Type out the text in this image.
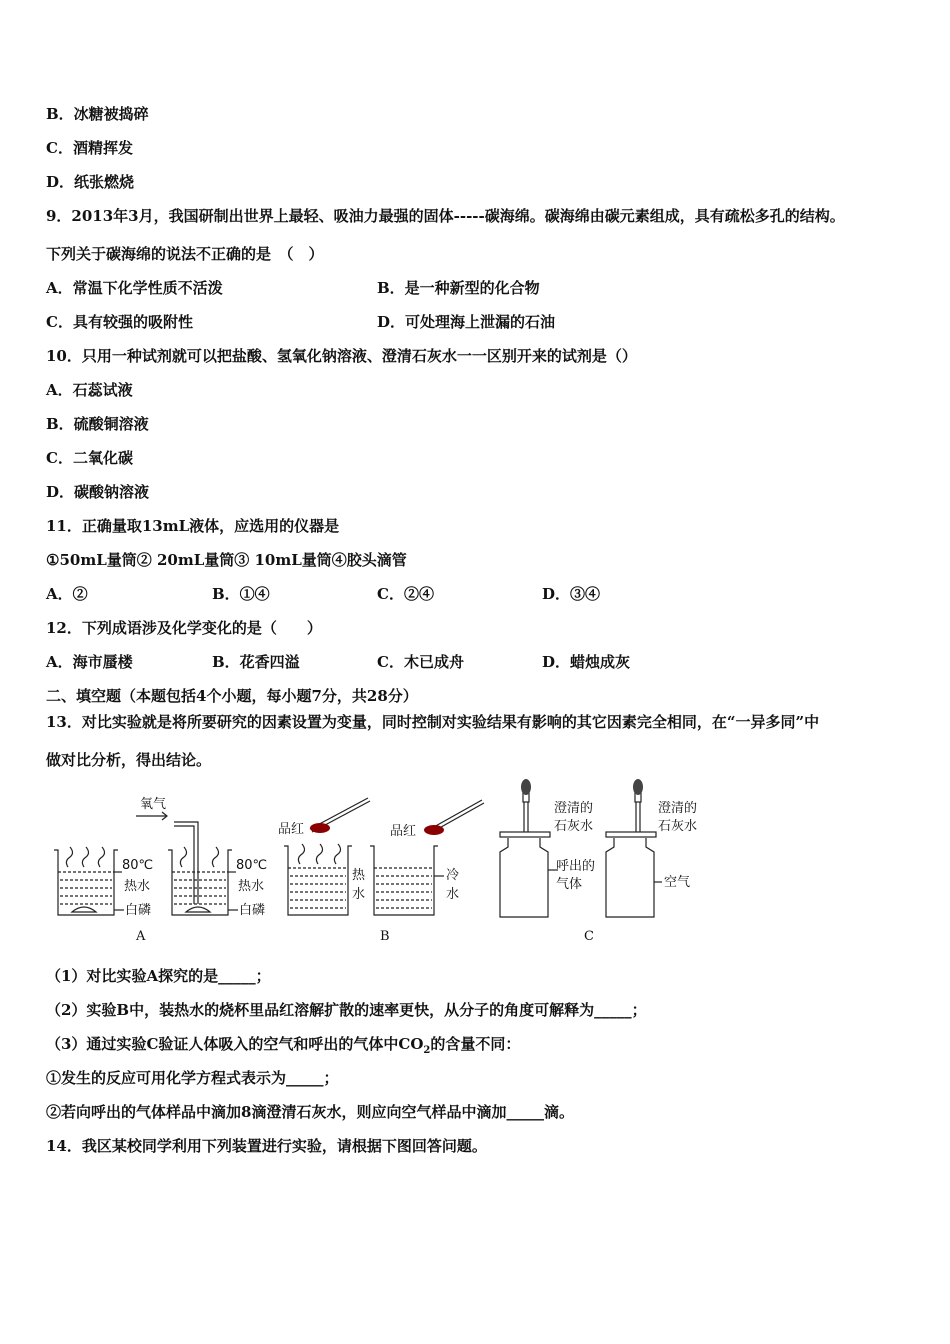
B．冰糖被捣碎
C．酒精挥发
D．纸张燃烧
9．2013年3月，我国研制出世界上最轻、吸油力最强的固体-----碳海绵。碳海绵由碳元素组成，具有疏松多孔的结构。
下列关于碳海绵的说法不正确的是　（　）
A．常温下化学性质不活泼	B．是一种新型的化合物
C．具有较强的吸附性	D．可处理海上泄漏的石油
10．只用一种试剂就可以把盐酸、氢氧化钠溶液、澄清石灰水一一区别开来的试剂是（）
A．石蕊试液
B．硫酸铜溶液
C．二氧化碳
D．碳酸钠溶液
11．正确量取13mL液体，应选用的仪器是
①50mL量筒② 20mL量筒③ 10mL量筒④胶头滴管
A．②	B．①④	C．②④	D．③④
12．下列成语涉及化学变化的是（　　）
A．海市蜃楼	B．花香四溢	C．木已成舟	D．蜡烛成灰
二、填空题（本题包括4个小题，每小题7分，共28分）
13．对比实验就是将所要研究的因素设置为变量，同时控制对实验结果有影响的其它因素完全相同，在“一异多同”中
做对比分析，得出结论。
氧气
80℃
热水
白磷
80℃
热水
白磷
A
品红
热
水
品红
冷
水
B
澄清的
石灰水
呼出的
气体
澄清的
石灰水
空气
C
（1）对比实验A探究的是_____；
（2）实验B中，装热水的烧杯里品红溶解扩散的速率更快，从分子的角度可解释为_____；
（3）通过实验C验证人体吸入的空气和呼出的气体中$CO_2$的含量不同：
①发生的反应可用化学方程式表示为_____；
②若向呼出的气体样品中滴加8滴澄清石灰水，则应向空气样品中滴加_____滴。
14．我区某校同学利用下列装置进行实验，请根据下图回答问题。
